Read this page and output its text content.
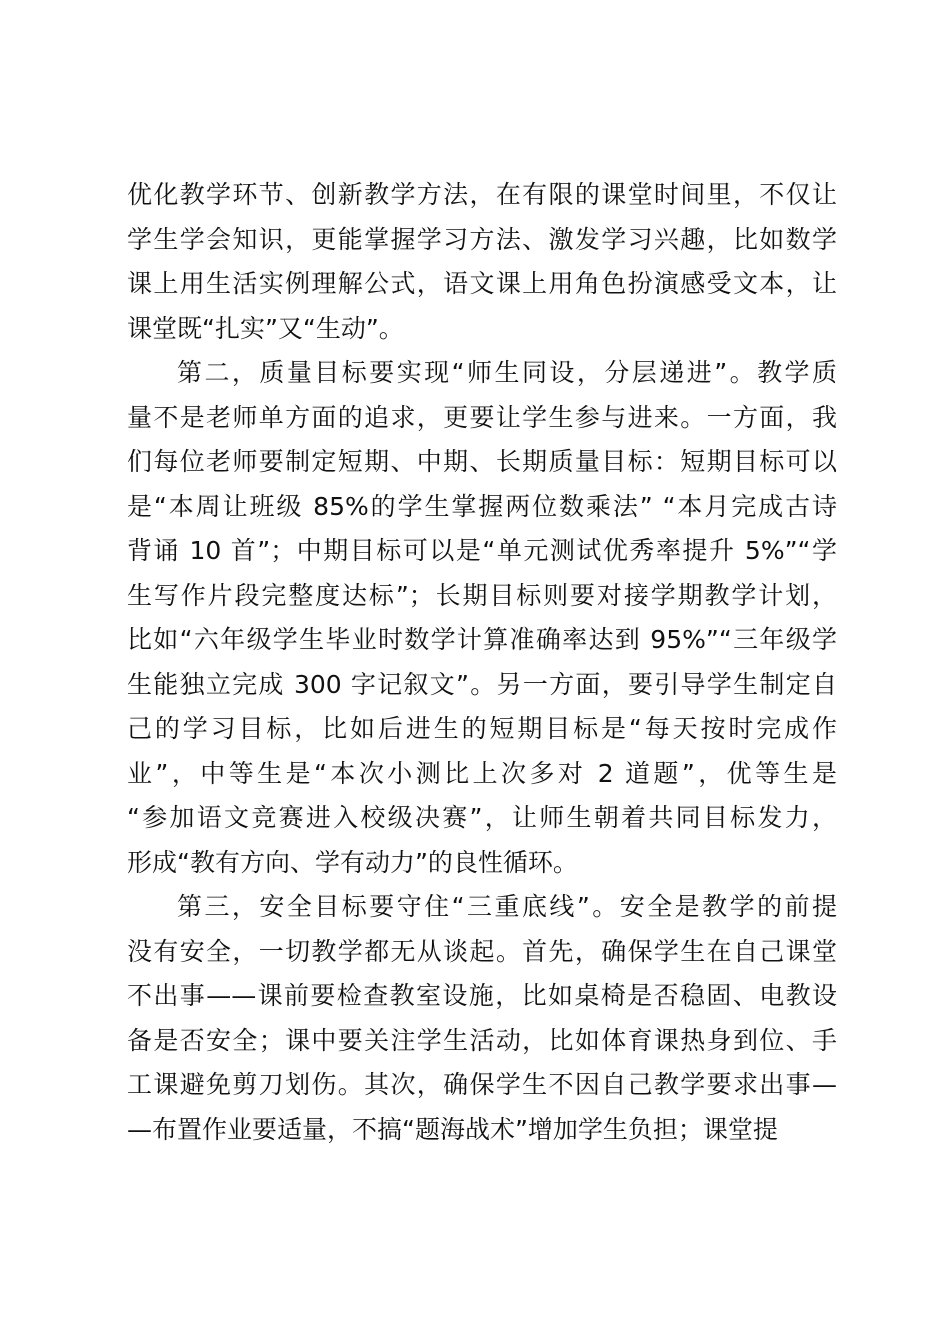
优化教学环节、创新教学方法，在有限的课堂时间里，不仅让
学生学会知识，更能掌握学习方法、激发学习兴趣，比如数学
课上用生活实例理解公式，语文课上用角色扮演感受文本，让
课堂既“扎实”又“生动”。
第二，质量目标要实现“师生同设，分层递进”。教学质
量不是老师单方面的追求，更要让学生参与进来。一方面，我
们每位老师要制定短期、中期、长期质量目标：短期目标可以
是“本周让班级 85%的学生掌握两位数乘法” “本月完成古诗
背诵 10 首”；中期目标可以是“单元测试优秀率提升 5%”“学
生写作片段完整度达标”；长期目标则要对接学期教学计划，
比如“六年级学生毕业时数学计算准确率达到 95%”“三年级学
生能独立完成 300 字记叙文”。另一方面，要引导学生制定自
己的学习目标，比如后进生的短期目标是“每天按时完成作
业”，中等生是“本次小测比上次多对 2 道题”，优等生是
“参加语文竞赛进入校级决赛”，让师生朝着共同目标发力，
形成“教有方向、学有动力”的良性循环。
第三，安全目标要守住“三重底线”。安全是教学的前提
没有安全，一切教学都无从谈起。首先，确保学生在自己课堂
不出事——课前要检查教室设施，比如桌椅是否稳固、电教设
备是否安全；课中要关注学生活动，比如体育课热身到位、手
工课避免剪刀划伤。其次，确保学生不因自己教学要求出事—
—布置作业要适量，不搞“题海战术”增加学生负担；课堂提
